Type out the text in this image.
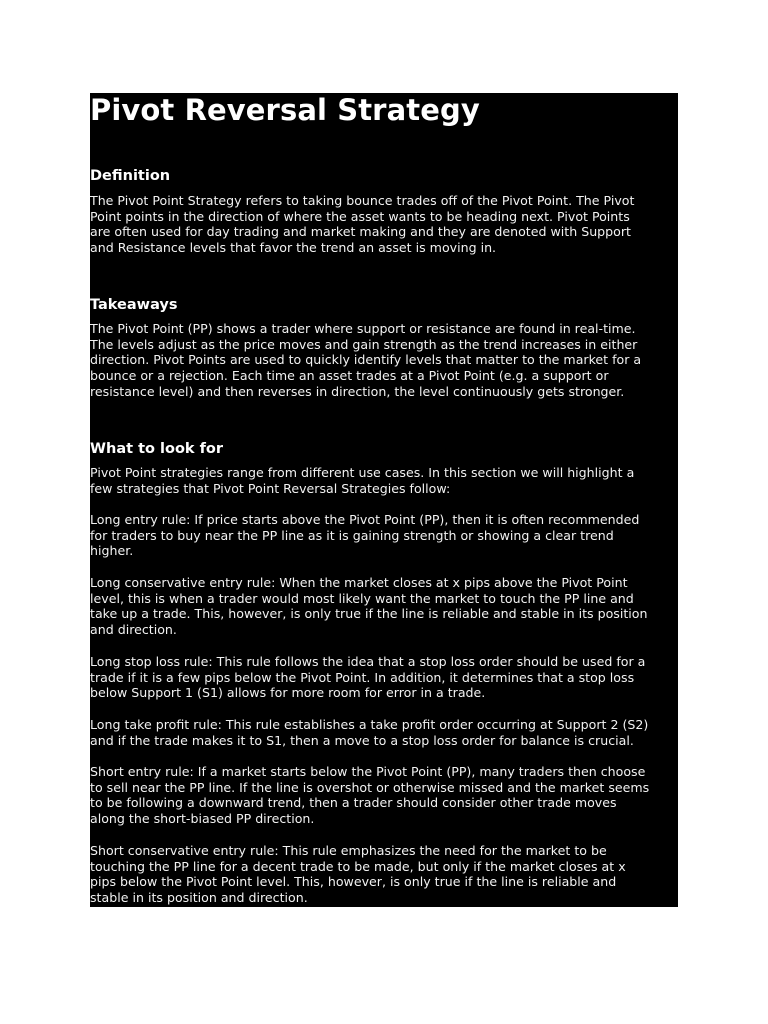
Pivot Reversal Strategy
Definition
The Pivot Point Strategy refers to taking bounce trades off of the Pivot Point. The Pivot
Point points in the direction of where the asset wants to be heading next. Pivot Points
are often used for day trading and market making and they are denoted with Support
and Resistance levels that favor the trend an asset is moving in.
Takeaways
The Pivot Point (PP) shows a trader where support or resistance are found in real-time.
The levels adjust as the price moves and gain strength as the trend increases in either
direction. Pivot Points are used to quickly identify levels that matter to the market for a
bounce or a rejection. Each time an asset trades at a Pivot Point (e.g. a support or
resistance level) and then reverses in direction, the level continuously gets stronger.
What to look for
Pivot Point strategies range from different use cases. In this section we will highlight a
few strategies that Pivot Point Reversal Strategies follow:
Long entry rule: If price starts above the Pivot Point (PP), then it is often recommended
for traders to buy near the PP line as it is gaining strength or showing a clear trend
higher.
Long conservative entry rule: When the market closes at x pips above the Pivot Point
level, this is when a trader would most likely want the market to touch the PP line and
take up a trade. This, however, is only true if the line is reliable and stable in its position
and direction.
Long stop loss rule: This rule follows the idea that a stop loss order should be used for a
trade if it is a few pips below the Pivot Point. In addition, it determines that a stop loss
below Support 1 (S1) allows for more room for error in a trade.
Long take profit rule: This rule establishes a take profit order occurring at Support 2 (S2)
and if the trade makes it to S1, then a move to a stop loss order for balance is crucial.
Short entry rule: If a market starts below the Pivot Point (PP), many traders then choose
to sell near the PP line. If the line is overshot or otherwise missed and the market seems
to be following a downward trend, then a trader should consider other trade moves
along the short-biased PP direction.
Short conservative entry rule: This rule emphasizes the need for the market to be
touching the PP line for a decent trade to be made, but only if the market closes at x
pips below the Pivot Point level. This, however, is only true if the line is reliable and
stable in its position and direction.
